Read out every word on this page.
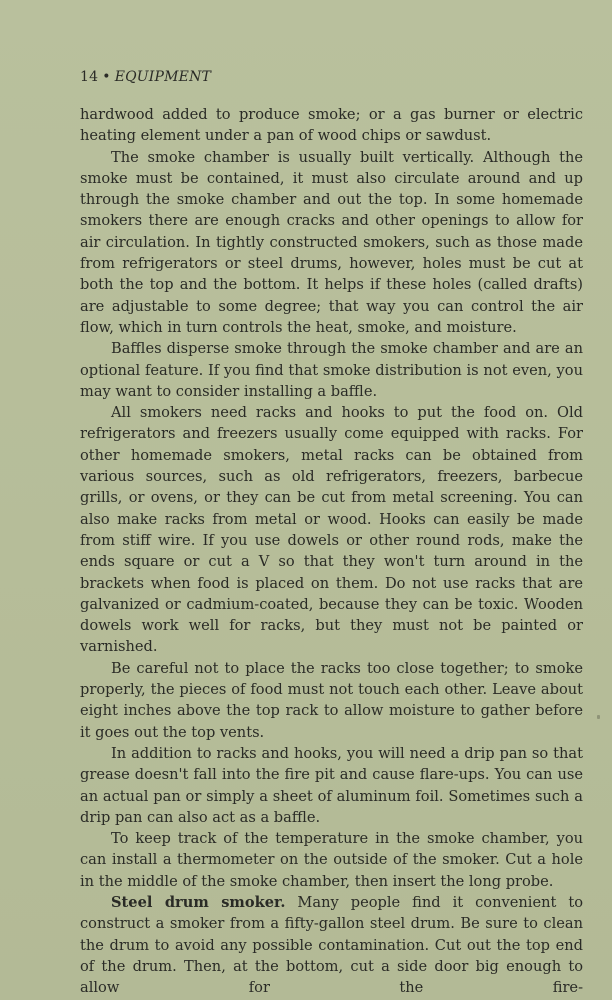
14 • EQUIPMENT

hardwood added to produce smoke; or a gas burner or electric heating element under a pan of wood chips or sawdust.

The smoke chamber is usually built vertically. Although the smoke must be contained, it must also circulate around and up through the smoke chamber and out the top. In some homemade smokers there are enough cracks and other openings to allow for air circulation. In tightly constructed smokers, such as those made from refrigerators or steel drums, however, holes must be cut at both the top and the bottom. It helps if these holes (called drafts) are adjustable to some degree; that way you can control the air flow, which in turn controls the heat, smoke, and moisture.

Baffles disperse smoke through the smoke chamber and are an optional feature. If you find that smoke distribution is not even, you may want to consider installing a baffle.

All smokers need racks and hooks to put the food on. Old refrigerators and freezers usually come equipped with racks. For other homemade smokers, metal racks can be obtained from various sources, such as old refrigerators, freezers, barbecue grills, or ovens, or they can be cut from metal screening. You can also make racks from metal or wood. Hooks can easily be made from stiff wire. If you use dowels or other round rods, make the ends square or cut a V so that they won't turn around in the brackets when food is placed on them. Do not use racks that are galvanized or cadmium-coated, because they can be toxic. Wooden dowels work well for racks, but they must not be painted or varnished.

Be careful not to place the racks too close together; to smoke properly, the pieces of food must not touch each other. Leave about eight inches above the top rack to allow moisture to gather before it goes out the top vents.

In addition to racks and hooks, you will need a drip pan so that grease doesn't fall into the fire pit and cause flare-ups. You can use an actual pan or simply a sheet of aluminum foil. Sometimes such a drip pan can also act as a baffle.

To keep track of the temperature in the smoke chamber, you can install a thermometer on the outside of the smoker. Cut a hole in the middle of the smoke chamber, then insert the long probe.

Steel drum smoker. Many people find it convenient to construct a smoker from a fifty-gallon steel drum. Be sure to clean the drum to avoid any possible contamination. Cut out the top end of the drum. Then, at the bottom, cut a side door big enough to allow for the fire-
